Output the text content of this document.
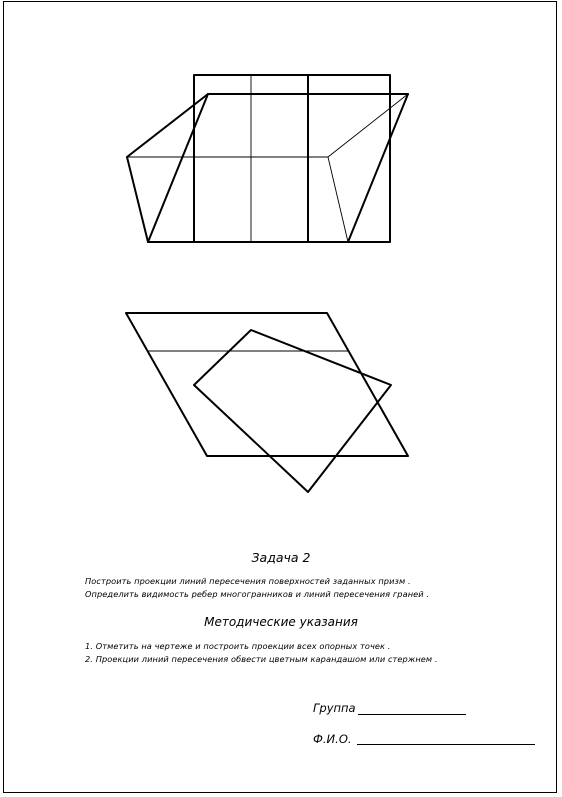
Задача 2
Построить проекции линий пересечения поверхностей заданных призм .
Определить видимость ребер многогранников и линий пересечения граней .
Методические указания
1. Отметить на чертеже и построить проекции всех опорных точек .
2. Проекции линий пересечения обвести цветным карандашом или стержнем .
Группа
Ф.И.О.
